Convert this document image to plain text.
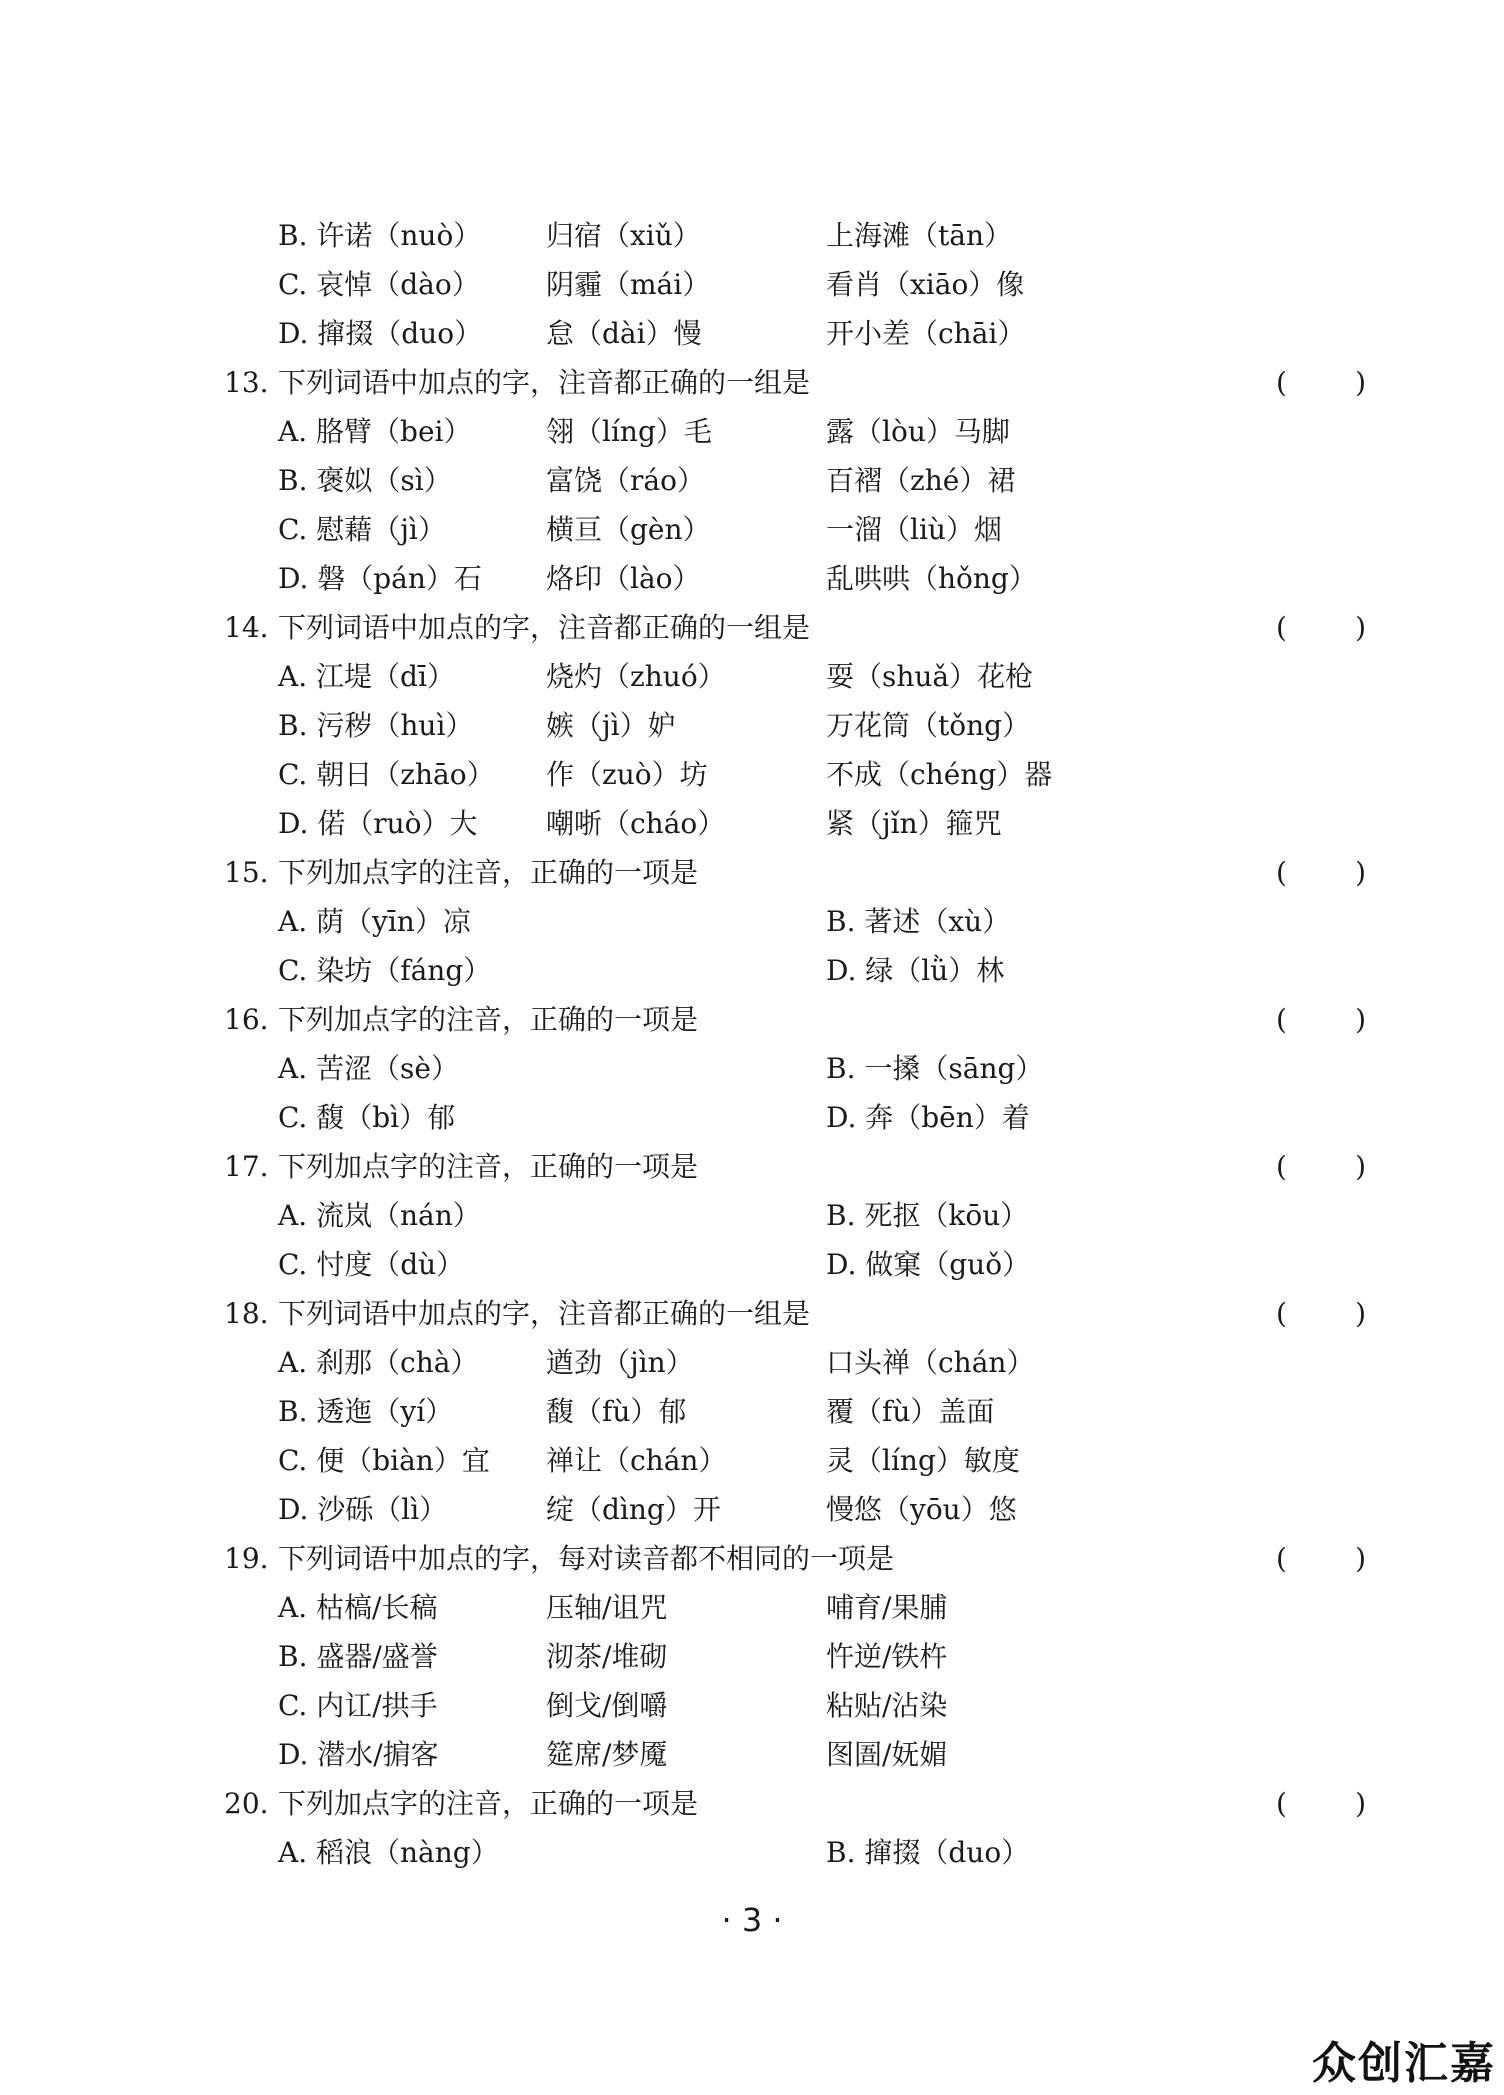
B. 许诺（nuò） 归宿（xiǔ）	上海滩（tān）
C. 哀悼（dào） 阴霾（mái）	看肖（xiāo）像
D. 撺掇（duo） 怠（dài）慢	开小差（chāi）
13. 下列词语中加点的字，注音都正确的一组是	( )
A. 胳臂（bei）	翎（líng）毛	露（lòu）马脚
B. 褒姒（sì）	富饶（ráo）	百褶（zhé）裙
C. 慰藉（jì）	横亘（gèn）	一溜（liù）烟
D. 磐（pán）石 烙印（lào）	乱哄哄（hǒng）
14. 下列词语中加点的字，注音都正确的一组是	( )
A. 江堤（dī）	烧灼（zhuó）	耍（shuǎ）花枪
B. 污秽（huì）	嫉（jì）妒	万花筒（tǒng）
C. 朝日（zhāo） 作（zuò）坊	不成（chéng）器
D. 偌（ruò）大 嘲哳（cháo）	紧（jǐn）箍咒
15. 下列加点字的注音，正确的一项是	( )
A. 荫（yīn）凉	B. 著述（xù）
C. 染坊（fáng）	D. 绿（lǜ）林
16. 下列加点字的注音，正确的一项是	( )
A. 苦涩（sè）	B. 一搡（sāng）
C. 馥（bì）郁	D. 奔（bēn）着
17. 下列加点字的注音，正确的一项是	( )
A. 流岚（nán）	B. 死抠（kōu）
C. 忖度（dù）	D. 做窠（guǒ）
18. 下列词语中加点的字，注音都正确的一组是	( )
A. 刹那（chà） 遒劲（jìn）	口头禅（chán）
B. 透迤（yí）	馥（fù）郁	覆（fù）盖面
C. 便（biàn）宜 禅让（chán）	灵（líng）敏度
D. 沙砾（lì）	绽（dìng）开	慢悠（yōu）悠
19. 下列词语中加点的字，每对读音都不相同的一项是	( )
A. 枯槁/长稿	压轴/诅咒	哺育/果脯
B. 盛器/盛誉	沏茶/堆砌	忤逆/铁杵
C. 内讧/拱手	倒戈/倒嚼	粘贴/沾染
D. 潜水/掮客	筵席/梦魇	图圄/妩媚
20. 下列加点字的注音，正确的一项是	( )
A. 稻浪（nàng）	B. 撺掇（duo）
· 3 ·
众创汇嘉
